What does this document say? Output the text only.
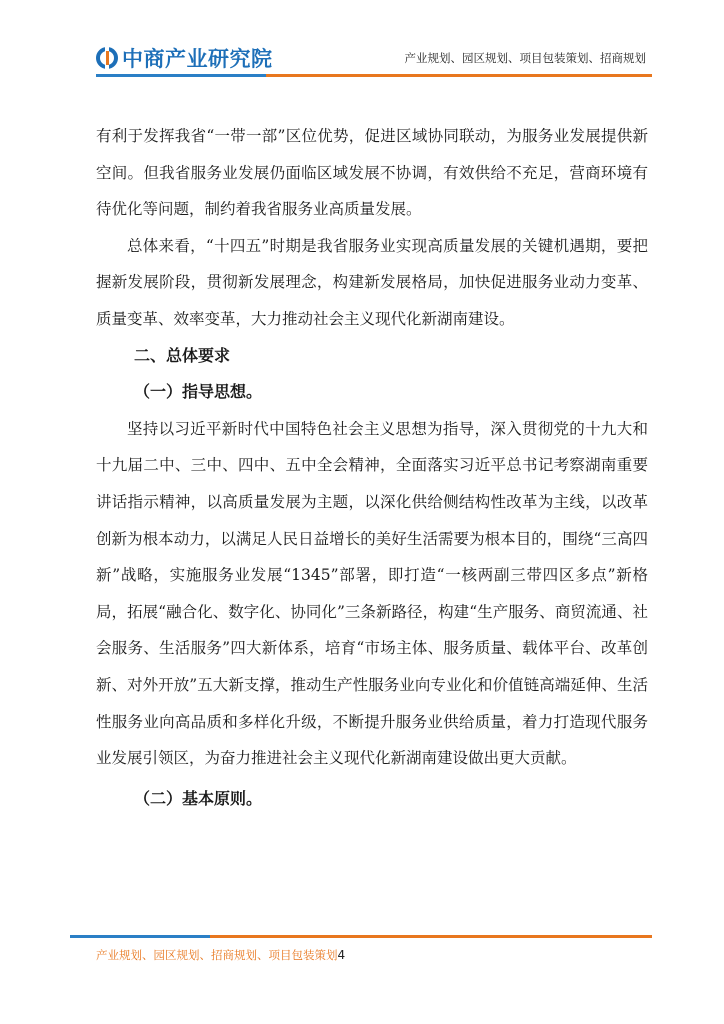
中商产业研究院	产业规划、园区规划、项目包装策划、招商规划

有利于发挥我省“一带一部”区位优势，促进区域协同联动，为服务业发展提供新空间。但我省服务业发展仍面临区域发展不协调，有效供给不充足，营商环境有待优化等问题，制约着我省服务业高质量发展。

总体来看，“十四五”时期是我省服务业实现高质量发展的关键机遇期，要把握新发展阶段，贯彻新发展理念，构建新发展格局，加快促进服务业动力变革、质量变革、效率变革，大力推动社会主义现代化新湖南建设。

二、总体要求

（一）指导思想。

坚持以习近平新时代中国特色社会主义思想为指导，深入贯彻党的十九大和十九届二中、三中、四中、五中全会精神，全面落实习近平总书记考察湖南重要讲话指示精神，以高质量发展为主题，以深化供给侧结构性改革为主线，以改革创新为根本动力，以满足人民日益增长的美好生活需要为根本目的，围绕“三高四新”战略，实施服务业发展“1345”部署，即打造“一核两副三带四区多点”新格局，拓展“融合化、数字化、协同化”三条新路径，构建“生产服务、商贸流通、社会服务、生活服务”四大新体系，培育“市场主体、服务质量、载体平台、改革创新、对外开放”五大新支撑，推动生产性服务业向专业化和价值链高端延伸、生活性服务业向高品质和多样化升级，不断提升服务业供给质量，着力打造现代服务业发展引领区，为奋力推进社会主义现代化新湖南建设做出更大贡献。

（二）基本原则。

产业规划、园区规划、招商规划、项目包装策划4
